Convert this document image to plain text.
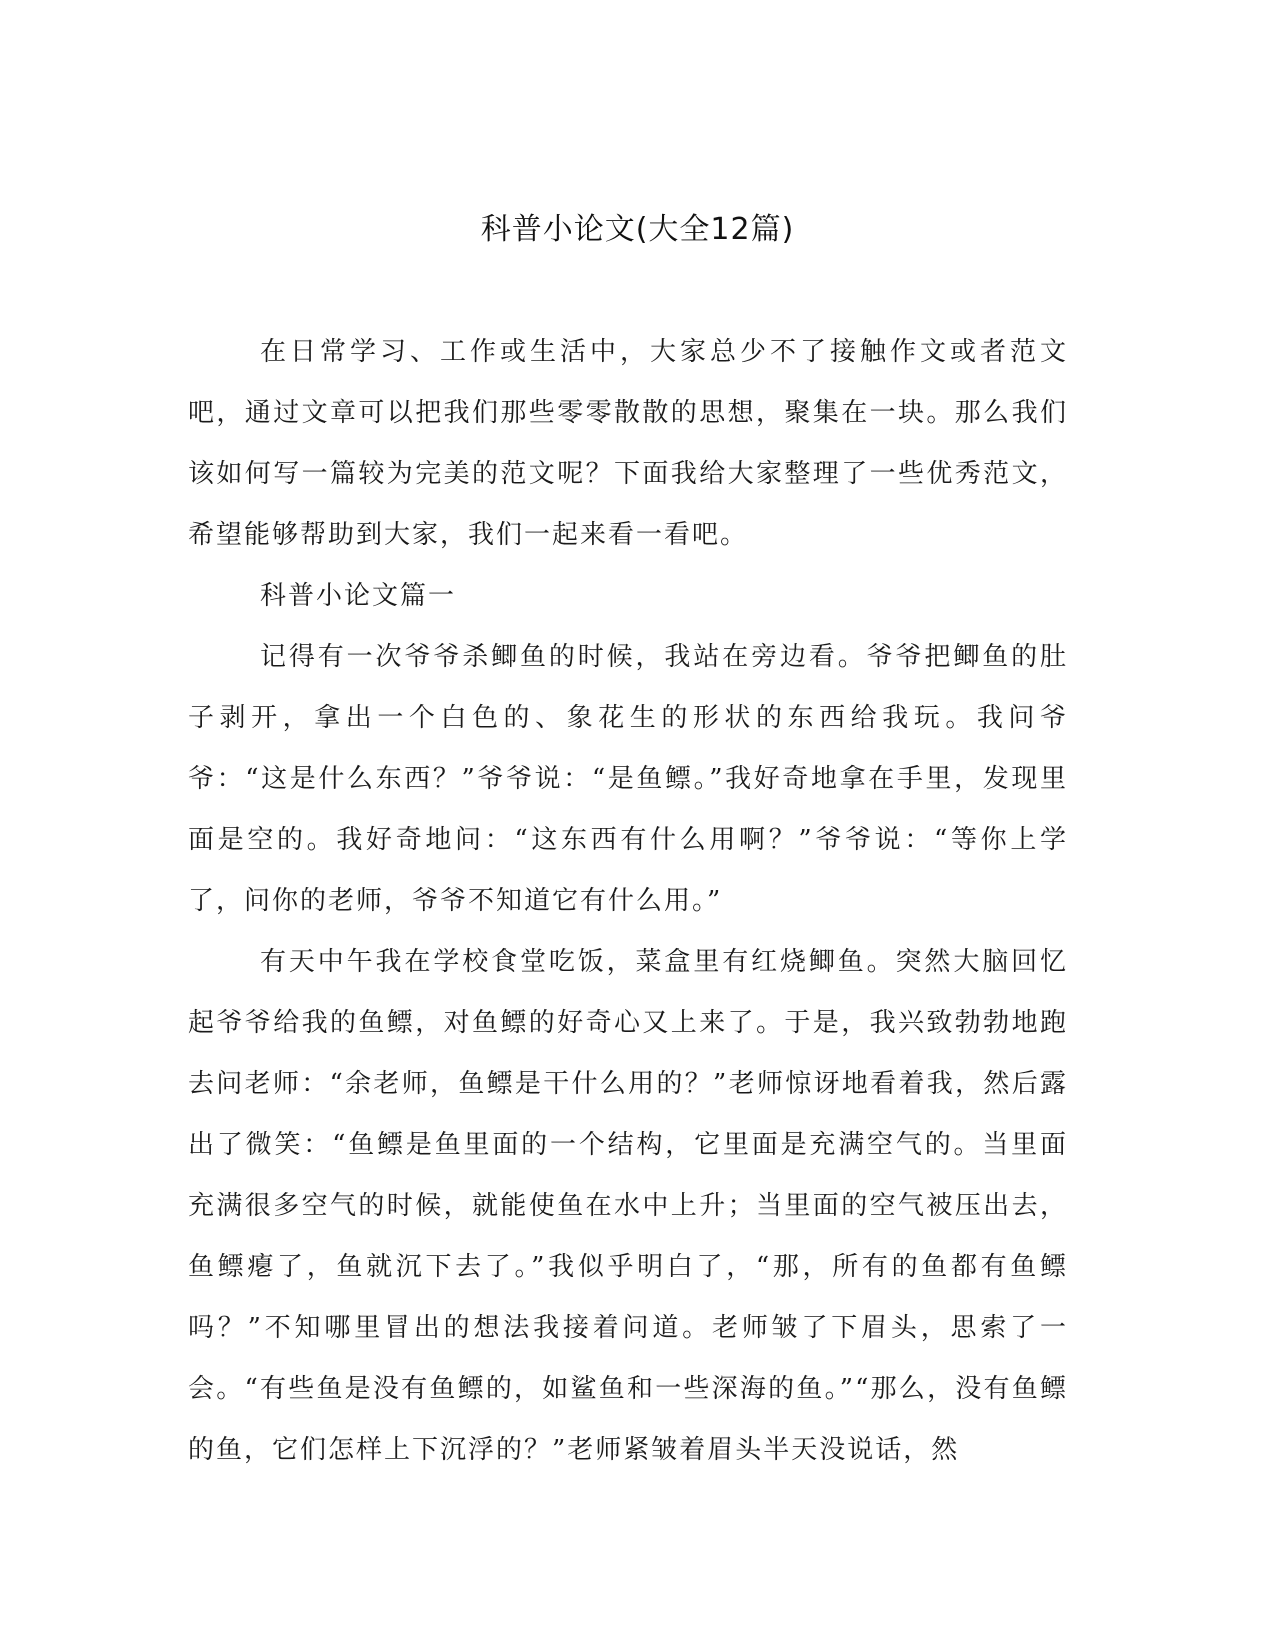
科普小论文(大全12篇)

在日常学习、工作或生活中，大家总少不了接触作文或者范文吧，通过文章可以把我们那些零零散散的思想，聚集在一块。那么我们该如何写一篇较为完美的范文呢？下面我给大家整理了一些优秀范文，希望能够帮助到大家，我们一起来看一看吧。

科普小论文篇一

记得有一次爷爷杀鲫鱼的时候，我站在旁边看。爷爷把鲫鱼的肚子剥开，拿出一个白色的、象花生的形状的东西给我玩。我问爷爷：“这是什么东西？”爷爷说：“是鱼鳔。”我好奇地拿在手里，发现里面是空的。我好奇地问：“这东西有什么用啊？”爷爷说：“等你上学了，问你的老师，爷爷不知道它有什么用。”

有天中午我在学校食堂吃饭，菜盒里有红烧鲫鱼。突然大脑回忆起爷爷给我的鱼鳔，对鱼鳔的好奇心又上来了。于是，我兴致勃勃地跑去问老师：“余老师，鱼鳔是干什么用的？”老师惊讶地看着我，然后露出了微笑：“鱼鳔是鱼里面的一个结构，它里面是充满空气的。当里面充满很多空气的时候，就能使鱼在水中上升；当里面的空气被压出去，鱼鳔瘪了，鱼就沉下去了。”我似乎明白了，“那，所有的鱼都有鱼鳔吗？”不知哪里冒出的想法我接着问道。老师皱了下眉头，思索了一会。“有些鱼是没有鱼鳔的，如鲨鱼和一些深海的鱼。”“那么，没有鱼鳔的鱼，它们怎样上下沉浮的？”老师紧皱着眉头半天没说话，然
